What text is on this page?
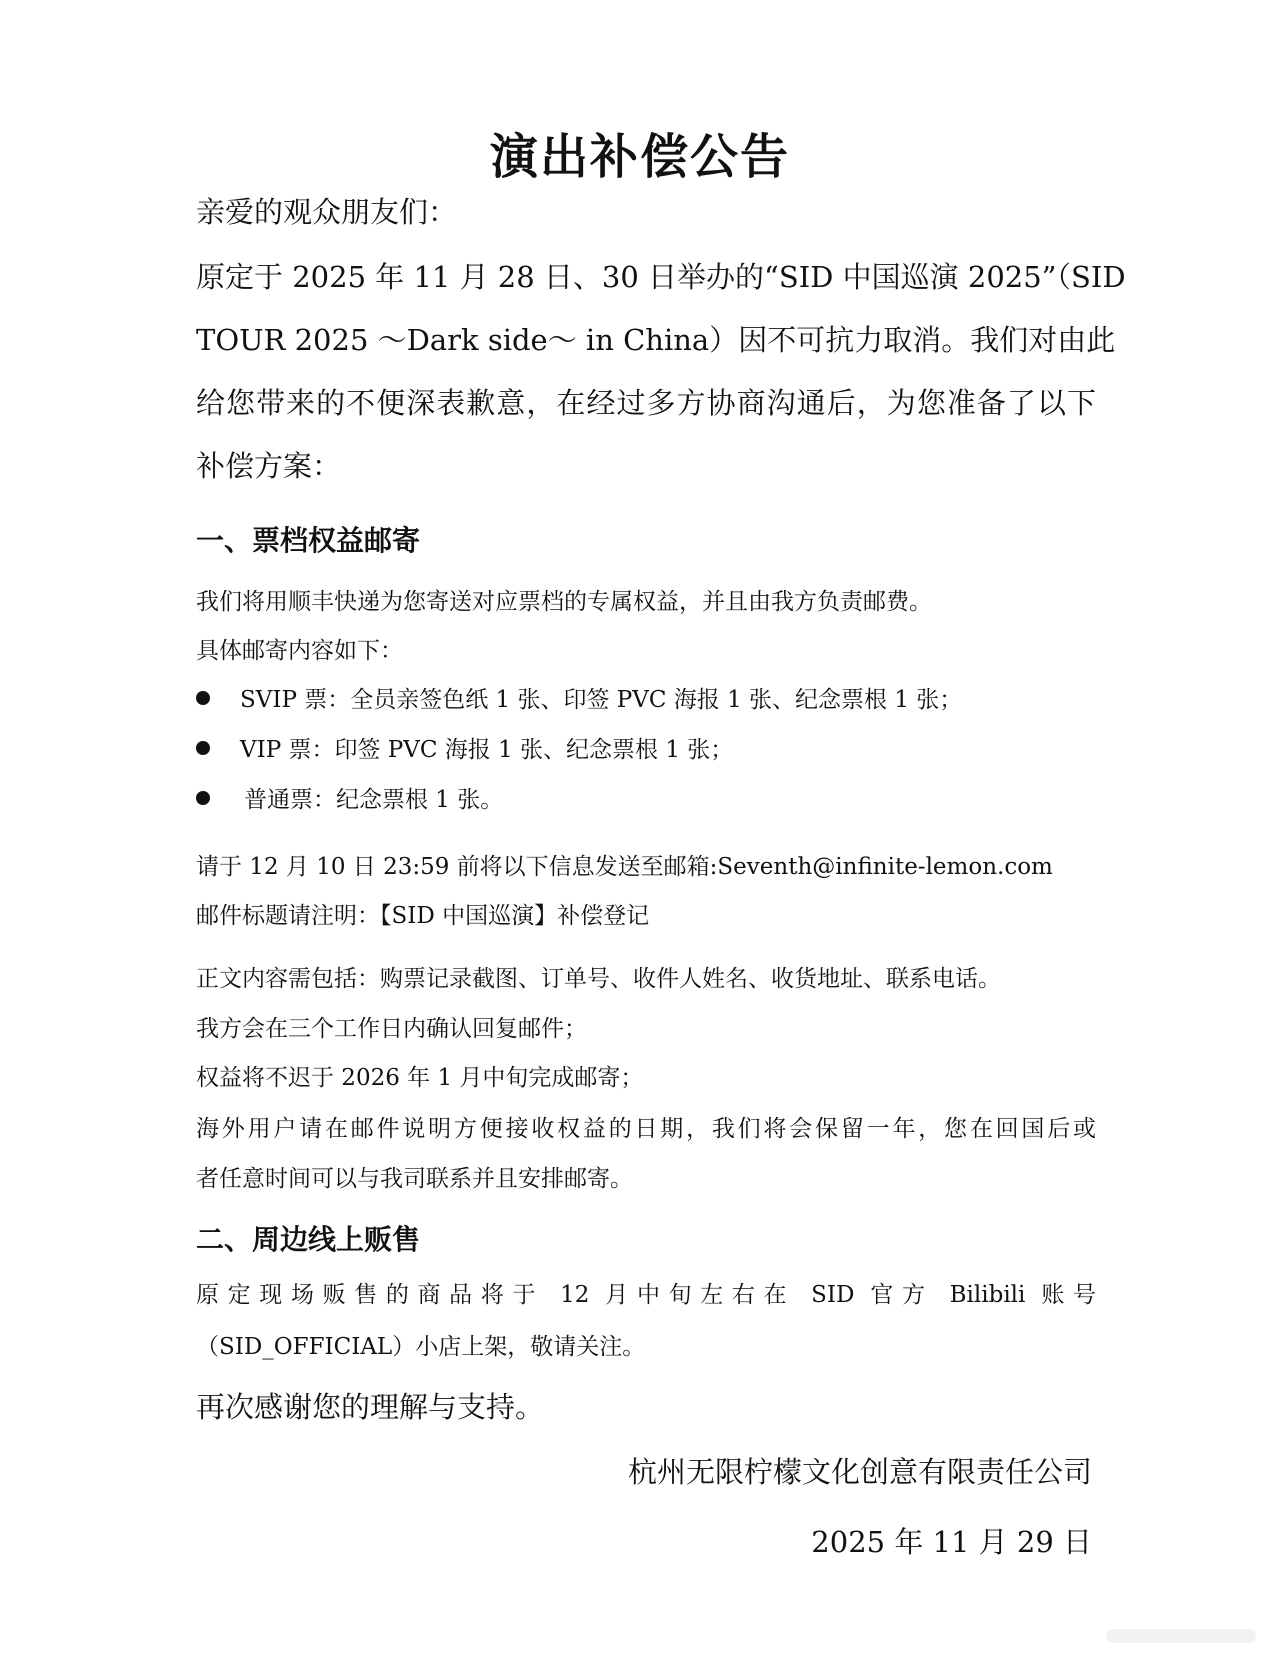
演出补偿公告
亲爱的观众朋友们：
原定于 2025 年 11 月 28 日、30 日举办的“SID 中国巡演 2025”（SID
TOUR 2025 ～Dark side～ in China）因不可抗力取消。我们对由此
给您带来的不便深表歉意，在经过多方协商沟通后，为您准备了以下
补偿方案：
一、票档权益邮寄
我们将用顺丰快递为您寄送对应票档的专属权益，并且由我方负责邮费。
具体邮寄内容如下：
SVIP 票：全员亲签色纸 1 张、印签 PVC 海报 1 张、纪念票根 1 张；
VIP 票：印签 PVC 海报 1 张、纪念票根 1 张；
普通票：纪念票根 1 张。
请于 12 月 10 日 23:59 前将以下信息发送至邮箱:Seventh@infinite-lemon.com
邮件标题请注明：【SID 中国巡演】补偿登记
正文内容需包括：购票记录截图、订单号、收件人姓名、收货地址、联系电话。
我方会在三个工作日内确认回复邮件；
权益将不迟于 2026 年 1 月中旬完成邮寄；
海外用户请在邮件说明方便接收权益的日期，我们将会保留一年，您在回国后或
者任意时间可以与我司联系并且安排邮寄。
二、周边线上贩售
原定现场贩售的商品将于 12 月中旬左右在 SID 官方 Bilibili 账号
（SID_OFFICIAL）小店上架，敬请关注。
再次感谢您的理解与支持。
杭州无限柠檬文化创意有限责任公司
2025 年 11 月 29 日
